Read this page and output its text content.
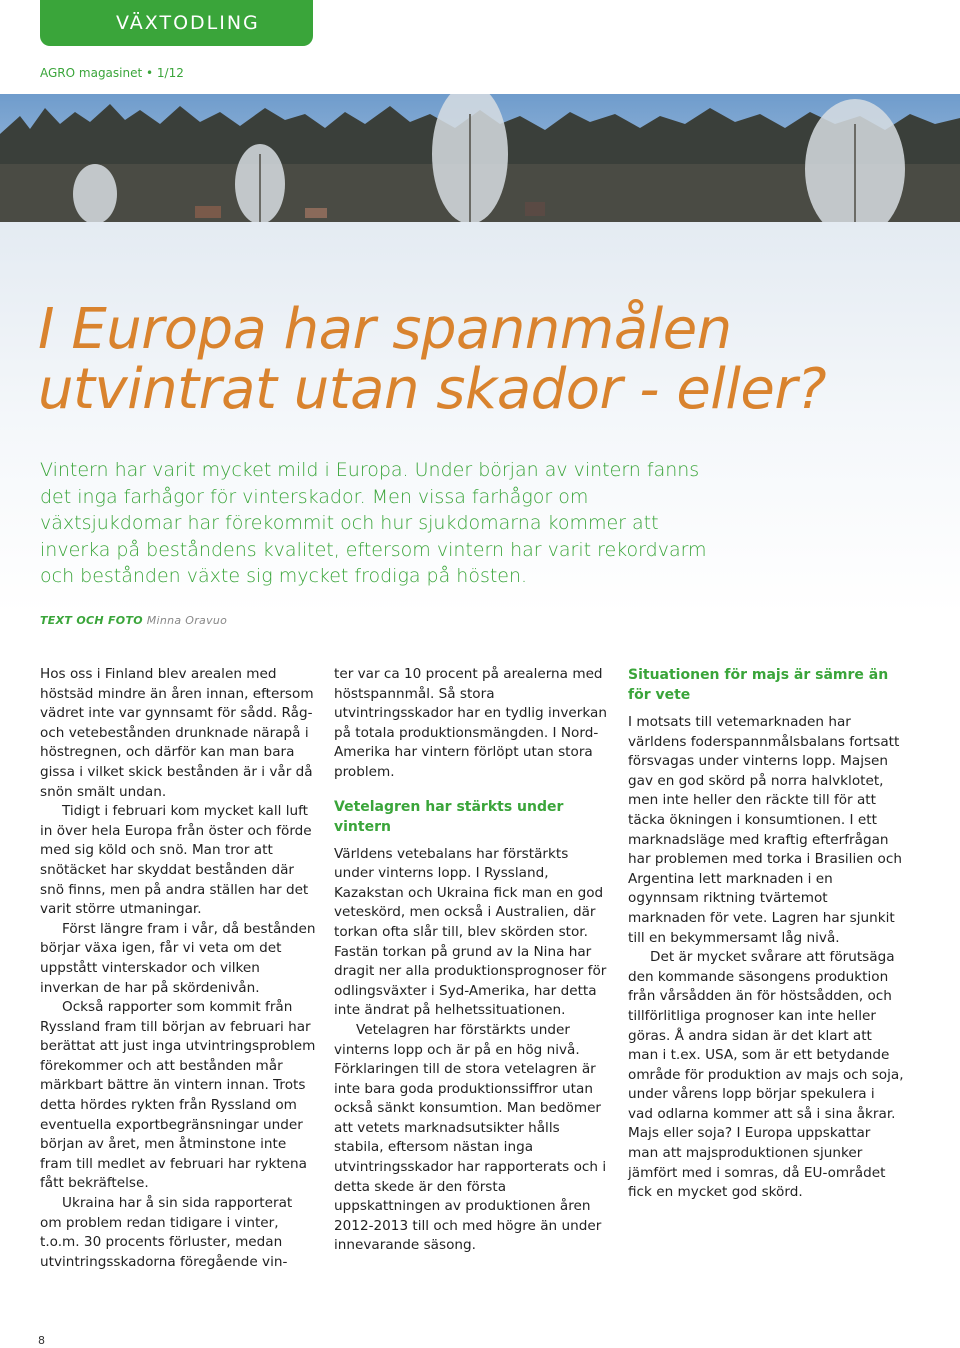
VÄXTODLING
AGRO magasinet • 1/12
I Europa har spannmålen
utvintrat utan skador - eller?
Vintern har varit mycket mild i Europa. Under början av vintern fanns det inga farhågor för vinterskador. Men vissa farhågor om växtsjukdomar har förekommit och hur sjukdomarna kommer att inverka på beståndens kvalitet, eftersom vintern har varit rekordvarm och bestånden växte sig mycket frodiga på hösten.
TEXT OCH FOTO Minna Oravuo

Hos oss i Finland blev arealen med höstsäd mindre än åren innan, eftersom vädret inte var gynnsamt för sådd. Råg- och vetebestånden drunknade närapå i höstregnen, och därför kan man bara gissa i vilket skick bestånden är i vår då snön smält undan.

Tidigt i februari kom mycket kall luft in över hela Europa från öster och förde med sig köld och snö. Man tror att snötäcket har skyddat bestånden där snö finns, men på andra ställen har det varit större utmaningar.

Först längre fram i vår, då bestånden börjar växa igen, får vi veta om det uppstått vinterskador och vilken inverkan de har på skördenivån.

Också rapporter som kommit från Ryssland fram till början av februari har berättat att just inga utvintringsproblem förekommer och att bestånden mår märkbart bättre än vintern innan. Trots detta hördes rykten från Ryssland om eventuella exportbegränsningar under början av året, men åtminstone inte fram till medlet av februari har ryktena fått bekräftelse.

Ukraina har å sin sida rapporterat om problem redan tidigare i vinter, t.o.m. 30 procents förluster, medan utvintringsskadorna föregående vin-

ter var ca 10 procent på arealerna med höstspannmål. Så stora utvintringsskador har en tydlig inverkan på totala produktionsmängden. I Nord-Amerika har vintern förlöpt utan stora problem.

Vetelagren har stärkts under vintern

Världens vetebalans har förstärkts under vinterns lopp. I Ryssland, Kazakstan och Ukraina fick man en god veteskörd, men också i Australien, där torkan ofta slår till, blev skörden stor. Fastän torkan på grund av la Nina har dragit ner alla produktionsprognoser för odlingsväxter i Syd-Amerika, har detta inte ändrat på helhetssituationen.

Vetelagren har förstärkts under vinterns lopp och är på en hög nivå. Förklaringen till de stora vetelagren är inte bara goda produktionssiffror utan också sänkt konsumtion. Man bedömer att vetets marknadsutsikter hålls stabila, eftersom nästan inga utvintringsskador har rapporterats och i detta skede är den första uppskattningen av produktionen åren 2012-2013 till och med högre än under innevarande säsong.

Situationen för majs är sämre än för vete

I motsats till vetemarknaden har världens foderspannmålsbalans fortsatt försvagas under vinterns lopp. Majsen gav en god skörd på norra halvklotet, men inte heller den räckte till för att täcka ökningen i konsumtionen. I ett marknadsläge med kraftig efterfrågan har problemen med torka i Brasilien och Argentina lett marknaden i en ogynnsam riktning tvärtemot marknaden för vete. Lagren har sjunkit till en bekymmersamt låg nivå.

Det är mycket svårare att förutsäga den kommande säsongens produktion från vårsådden än för höstsådden, och tillförlitliga prognoser kan inte heller göras. Å andra sidan är det klart att man i t.ex. USA, som är ett betydande område för produktion av majs och soja, under vårens lopp börjar spekulera i vad odlarna kommer att så i sina åkrar. Majs eller soja? I Europa uppskattar man att majsproduktionen sjunker jämfört med i somras, då EU-området fick en mycket god skörd.

8
